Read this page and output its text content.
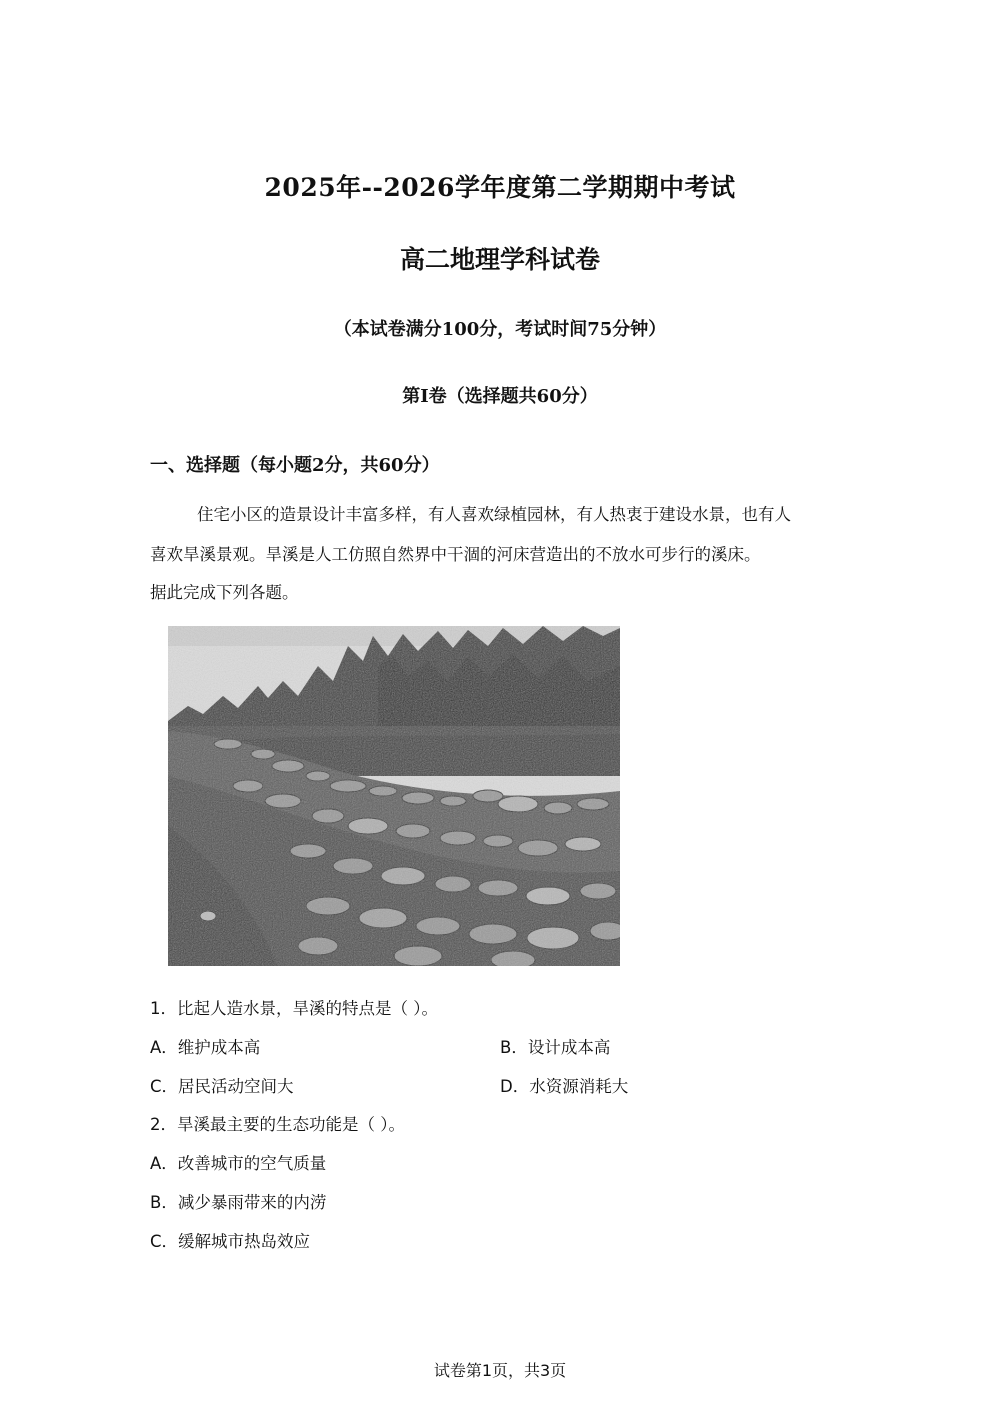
2025年--2026学年度第二学期期中考试
高二地理学科试卷
（本试卷满分100分，考试时间75分钟）
第I卷（选择题共60分）
一、选择题（每小题2分，共60分）
住宅小区的造景设计丰富多样，有人喜欢绿植园林，有人热衷于建设水景，也有人
喜欢旱溪景观。旱溪是人工仿照自然界中干涸的河床营造出的不放水可步行的溪床。
据此完成下列各题。
1．比起人造水景，旱溪的特点是（ ）。
A．维护成本高	B．设计成本高
C．居民活动空间大	D．水资源消耗大
2．旱溪最主要的生态功能是（ ）。
A．改善城市的空气质量
B．减少暴雨带来的内涝
C．缓解城市热岛效应
试卷第1页，共3页
